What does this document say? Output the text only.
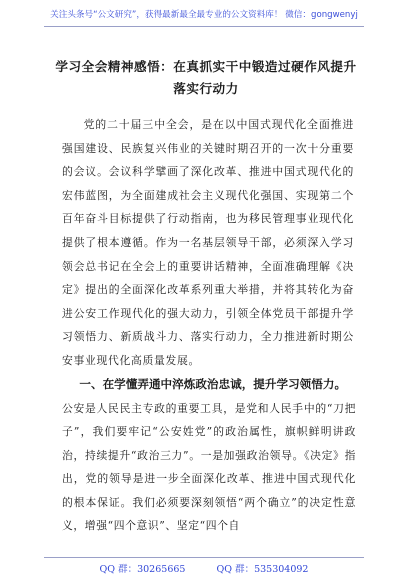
关注头条号“公文研究”，获得最新最全最专业的公文资料库！ 微信：gongwenyj
学习全会精神感悟：在真抓实干中锻造过硬作风提升落实行动力

党的二十届三中全会，是在以中国式现代化全面推进强国建设、民族复兴伟业的关键时期召开的一次十分重要的会议。会议科学擘画了深化改革、推进中国式现代化的宏伟蓝图，为全面建成社会主义现代化强国、实现第二个百年奋斗目标提供了行动指南，也为移民管理事业现代化提供了根本遵循。作为一名基层领导干部，必须深入学习领会总书记在全会上的重要讲话精神，全面准确理解《决定》提出的全面深化改革系列重大举措，并将其转化为奋进公安工作现代化的强大动力，引领全体党员干部提升学习领悟力、新质战斗力、落实行动力，全力推进新时期公安事业现代化高质量发展。

一、在学懂弄通中淬炼政治忠诚，提升学习领悟力。

公安是人民民主专政的重要工具，是党和人民手中的“刀把子”，我们要牢记“公安姓党”的政治属性，旗帜鲜明讲政治，持续提升“政治三力”。一是加强政治领导。《决定》指出，党的领导是进一步全面深化改革、推进中国式现代化的根本保证。我们必须要深刻领悟“两个确立”的决定性意义，增强“四个意识”、坚定“四个自

QQ 群：30265665	QQ 群：535304092
